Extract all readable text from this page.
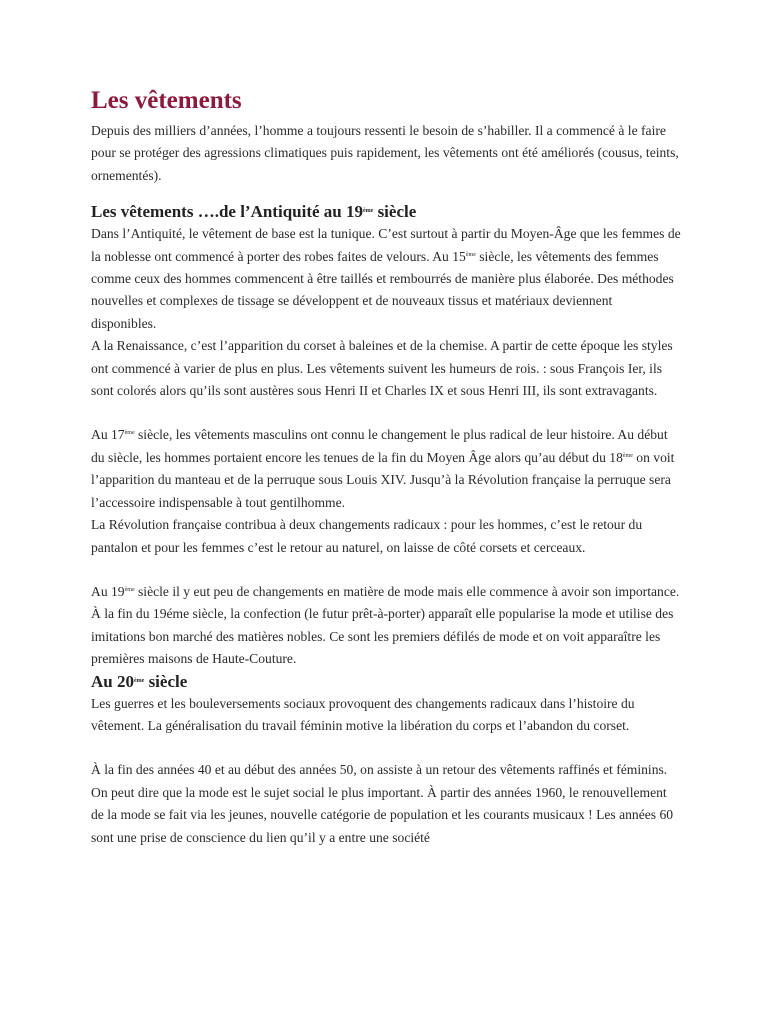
Les vêtements

Depuis des milliers d’années, l’homme a toujours ressenti le besoin de s’habiller. Il a commencé à le faire pour se protéger des agressions climatiques puis rapidement, les vêtements ont été améliorés (cousus, teints, ornementés).

Les vêtements ….de l’Antiquité au 19ème siècle

Dans l’Antiquité, le vêtement de base est la tunique. C’est surtout à partir du Moyen-Âge que les femmes de la noblesse ont commencé à porter des robes faites de velours. Au 15ème siècle, les vêtements des femmes comme ceux des hommes commencent à être taillés et rembourrés de manière plus élaborée. Des méthodes nouvelles et complexes de tissage se développent et de nouveaux tissus et matériaux deviennent disponibles.

A la Renaissance, c’est l’apparition du corset à baleines et de la chemise. A partir de cette époque les styles ont commencé à varier de plus en plus. Les vêtements suivent les humeurs de rois. : sous François Ier, ils sont colorés alors qu’ils sont austères sous Henri II et Charles IX et sous Henri III, ils sont extravagants.

Au 17ème siècle, les vêtements masculins ont connu le changement le plus radical de leur histoire. Au début du siècle, les hommes portaient encore les tenues de la fin du Moyen Âge alors qu’au début du 18ème on voit l’apparition du manteau et de la perruque sous Louis XIV. Jusqu’à la Révolution française la perruque sera l’accessoire indispensable à tout gentilhomme.

La Révolution française contribua à deux changements radicaux : pour les hommes, c’est le retour du pantalon et pour les femmes c’est le retour au naturel, on laisse de côté corsets et cerceaux.

Au 19ème siècle il y eut peu de changements en matière de mode mais elle commence à avoir son importance. À la fin du 19éme siècle, la confection (le futur prêt-à-porter) apparaît elle popularise la mode et utilise des imitations bon marché des matières nobles. Ce sont les premiers défilés de mode et on voit apparaître les premières maisons de Haute-Couture.

Au 20ème siècle

Les guerres et les bouleversements sociaux provoquent des changements radicaux dans l’histoire du vêtement. La généralisation du travail féminin motive la libération du corps et l’abandon du corset.

À la fin des années 40 et au début des années 50, on assiste à un retour des vêtements raffinés et féminins. On peut dire que la mode est le sujet social le plus important. À partir des années 1960, le renouvellement de la mode se fait via les jeunes, nouvelle catégorie de population et les courants musicaux ! Les années 60 sont une prise de conscience du lien qu’il y a entre une société
